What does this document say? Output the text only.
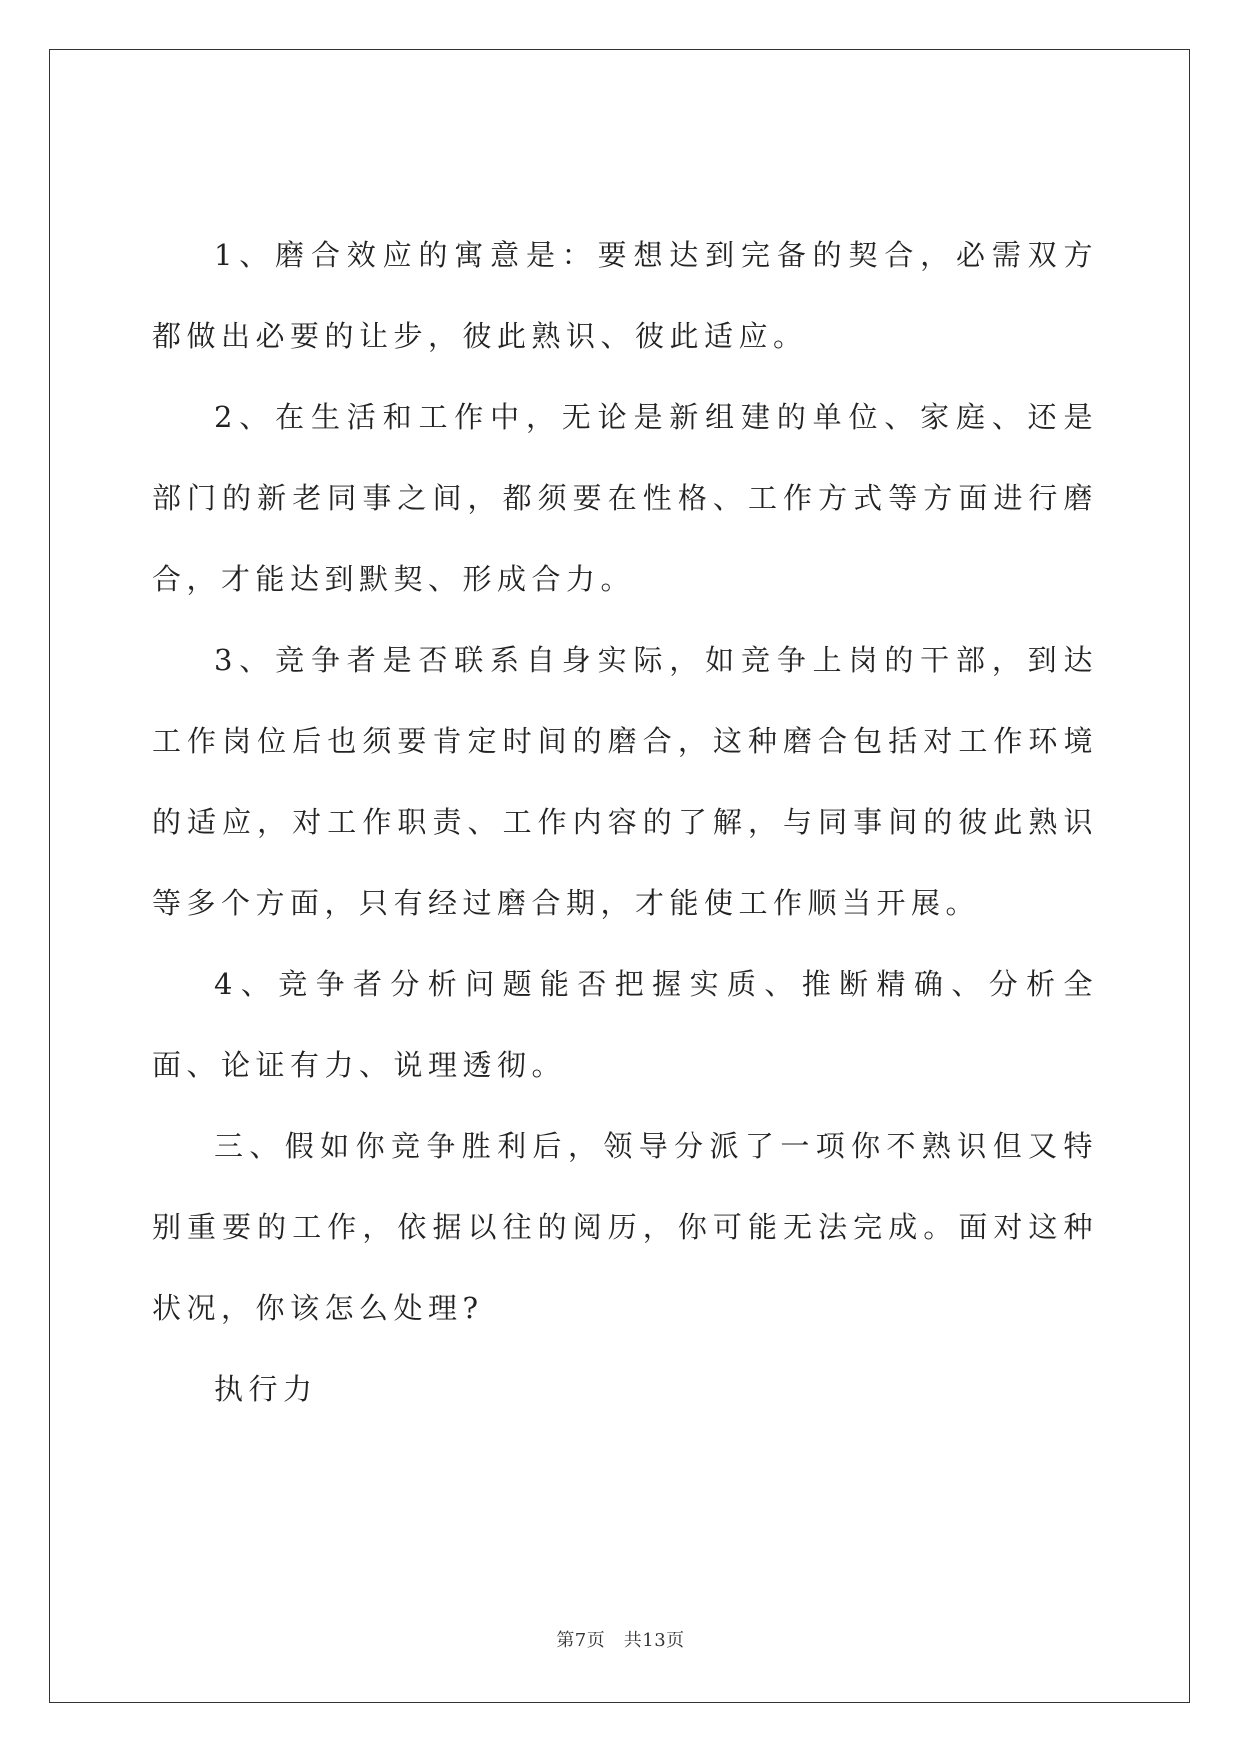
1、磨合效应的寓意是：要想达到完备的契合，必需双方都做出必要的让步，彼此熟识、彼此适应。

2、在生活和工作中，无论是新组建的单位、家庭、还是部门的新老同事之间，都须要在性格、工作方式等方面进行磨合，才能达到默契、形成合力。

3、竞争者是否联系自身实际，如竞争上岗的干部，到达工作岗位后也须要肯定时间的磨合，这种磨合包括对工作环境的适应，对工作职责、工作内容的了解，与同事间的彼此熟识等多个方面，只有经过磨合期，才能使工作顺当开展。

4、竞争者分析问题能否把握实质、推断精确、分析全面、论证有力、说理透彻。

三、假如你竞争胜利后，领导分派了一项你不熟识但又特别重要的工作，依据以往的阅历，你可能无法完成。面对这种状况，你该怎么处理?

执行力

第7页　共13页
